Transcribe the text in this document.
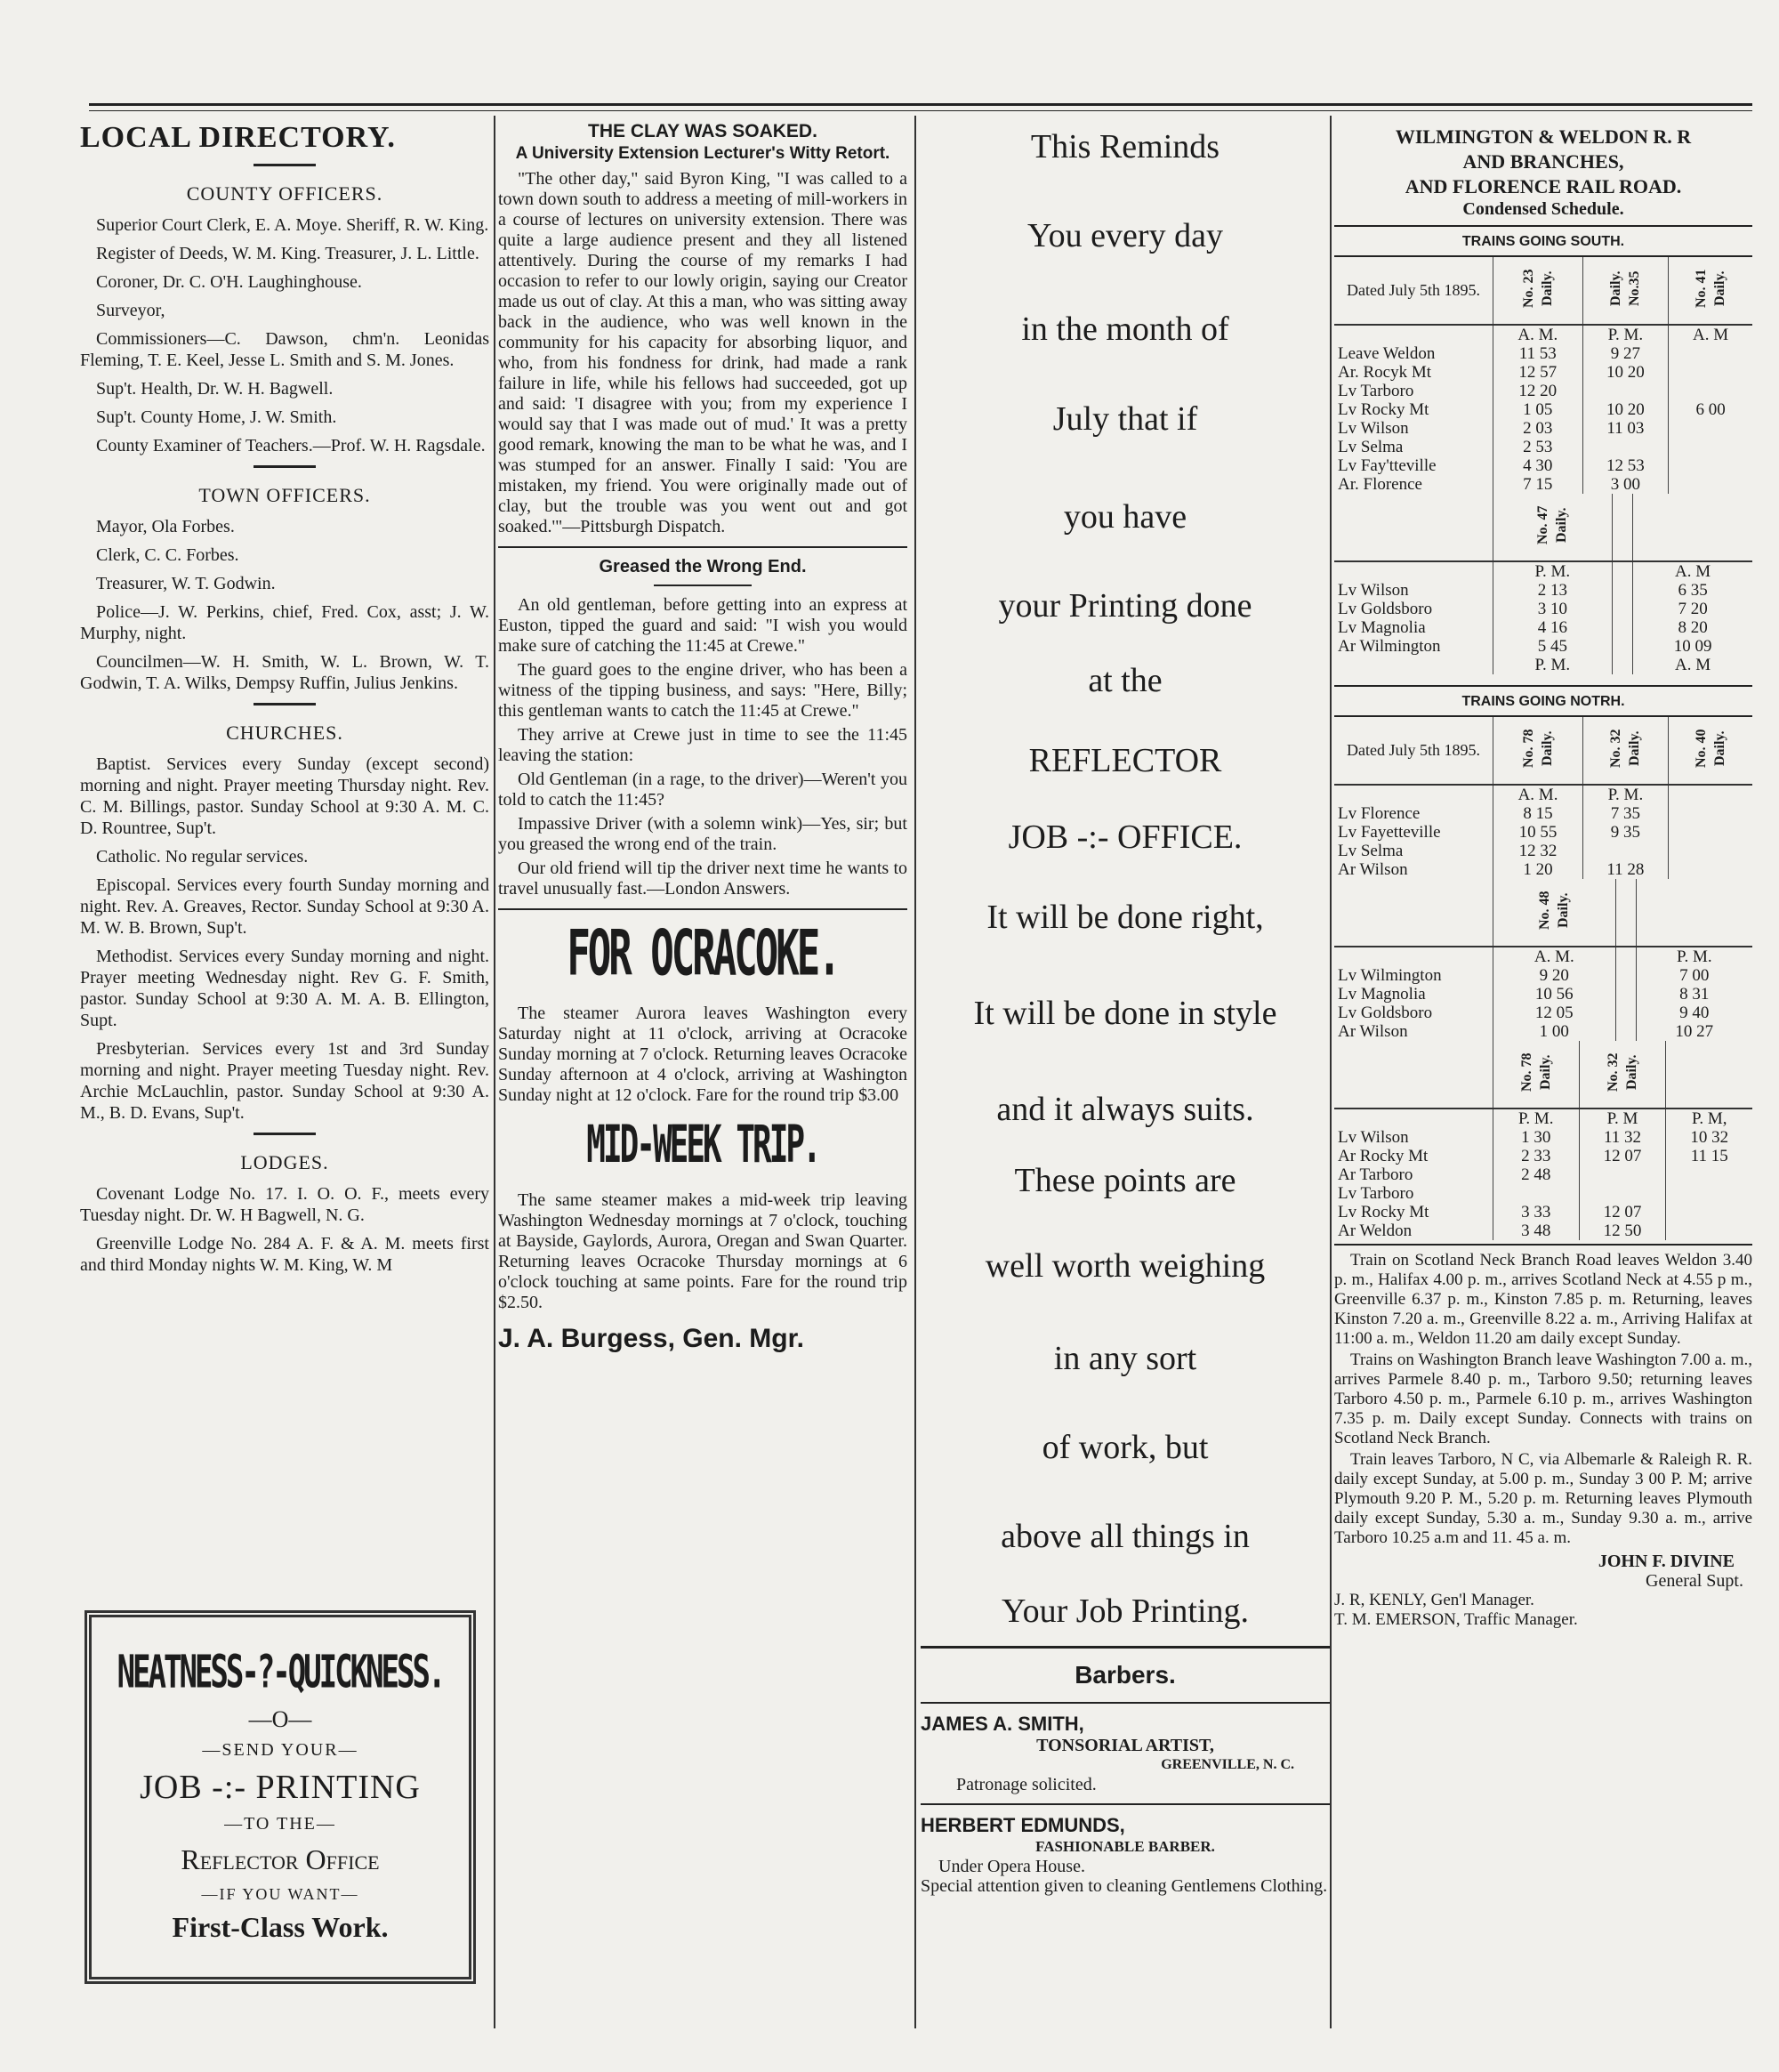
LOCAL DIRECTORY.
COUNTY OFFICERS.

Superior Court Clerk, E. A. Moye. Sheriff, R. W. King.

Register of Deeds, W. M. King. Treasurer, J. L. Little.

Coroner, Dr. C. O'H. Laughinghouse.

Surveyor,

Commissioners—C. Dawson, chm'n. Leonidas Fleming, T. E. Keel, Jesse L. Smith and S. M. Jones.

Sup't. Health, Dr. W. H. Bagwell.

Sup't. County Home, J. W. Smith.

County Examiner of Teachers.—Prof. W. H. Ragsdale.

TOWN OFFICERS.

Mayor, Ola Forbes.

Clerk, C. C. Forbes.

Treasurer, W. T. Godwin.

Police—J. W. Perkins, chief, Fred. Cox, asst; J. W. Murphy, night.

Councilmen—W. H. Smith, W. L. Brown, W. T. Godwin, T. A. Wilks, Dempsy Ruffin, Julius Jenkins.

CHURCHES.

Baptist. Services every Sunday (except second) morning and night. Prayer meeting Thursday night. Rev. C. M. Billings, pastor. Sunday School at 9:30 A. M. C. D. Rountree, Sup't.

Catholic. No regular services.

Episcopal. Services every fourth Sunday morning and night. Rev. A. Greaves, Rector. Sunday School at 9:30 A. M. W. B. Brown, Sup't.

Methodist. Services every Sunday morning and night. Prayer meeting Wednesday night. Rev G. F. Smith, pastor. Sunday School at 9:30 A. M. A. B. Ellington, Supt.

Presbyterian. Services every 1st and 3rd Sunday morning and night. Prayer meeting Tuesday night. Rev. Archie McLauchlin, pastor. Sunday School at 9:30 A. M., B. D. Evans, Sup't.

LODGES.

Covenant Lodge No. 17. I. O. O. F., meets every Tuesday night. Dr. W. H Bagwell, N. G.

Greenville Lodge No. 284 A. F. & A. M. meets first and third Monday nights W. M. King, W. M

NEATNESS-?-QUICKNESS.
—O—
—SEND YOUR—
JOB -:- PRINTING
—TO THE—
Reflector Office
—IF YOU WANT—
First-Class Work.
THE CLAY WAS SOAKED.
A University Extension Lecturer's Witty Retort.

"The other day," said Byron King, "I was called to a town down south to address a meeting of mill-workers in a course of lectures on university extension. There was quite a large audience present and they all listened attentively. During the course of my remarks I had occasion to refer to our lowly origin, saying our Creator made us out of clay. At this a man, who was sitting away back in the audience, who was well known in the community for his capacity for absorbing liquor, and who, from his fondness for drink, had made a rank failure in life, while his fellows had succeeded, got up and said: 'I disagree with you; from my experience I would say that I was made out of mud.' It was a pretty good remark, knowing the man to be what he was, and I was stumped for an answer. Finally I said: 'You are mistaken, my friend. You were originally made out of clay, but the trouble was you went out and got soaked.'"—Pittsburgh Dispatch.

Greased the Wrong End.

An old gentleman, before getting into an express at Euston, tipped the guard and said: "I wish you would make sure of catching the 11:45 at Crewe."

The guard goes to the engine driver, who has been a witness of the tipping business, and says: "Here, Billy; this gentleman wants to catch the 11:45 at Crewe."

They arrive at Crewe just in time to see the 11:45 leaving the station:

Old Gentleman (in a rage, to the driver)—Weren't you told to catch the 11:45?

Impassive Driver (with a solemn wink)—Yes, sir; but you greased the wrong end of the train.

Our old friend will tip the driver next time he wants to travel unusually fast.—London Answers.

FOR OCRACOKE.

The steamer Aurora leaves Washington every Saturday night at 11 o'clock, arriving at Ocracoke Sunday morning at 7 o'clock. Returning leaves Ocracoke Sunday afternoon at 4 o'clock, arriving at Washington Sunday night at 12 o'clock. Fare for the round trip $3.00

MID-WEEK TRIP.

The same steamer makes a mid-week trip leaving Washington Wednesday mornings at 7 o'clock, touching at Bayside, Gaylords, Aurora, Oregan and Swan Quarter. Returning leaves Ocracoke Thursday mornings at 6 o'clock touching at same points. Fare for the round trip $2.50.

J. A. Burgess, Gen. Mgr.
This Reminds
You every day
in the month of
July that if
you have
your Printing done
at the
REFLECTOR
JOB -:- OFFICE.
It will be done right,
It will be done in style
and it always suits.
These points are
well worth weighing
in any sort
of work, but
above all things in
Your Job Printing.
Barbers.
JAMES A. SMITH,
TONSORIAL ARTIST,
GREENVILLE, N. C.
Patronage solicited.
HERBERT EDMUNDS,
FASHIONABLE BARBER.
Under Opera House.
Special attention given to cleaning Gentlemens Clothing.
WILMINGTON & WELDON R. R
AND BRANCHES,
AND FLORENCE RAIL ROAD.
Condensed Schedule.
TRAINS GOING SOUTH.
Dated July 5th 1895.	No. 23 Daily.	Daily. No.35	No. 41 Daily.
	A. M.	P. M.	A. M
Leave Weldon	11 53	9 27	
Ar. Rocyk Mt	12 57	10 20	
Lv Tarboro	12 20		
Lv Rocky Mt	1 05	10 20	6 00
Lv Wilson	2 03	11 03	
Lv Selma	2 53		
Lv Fay'tteville	4 30	12 53	
Ar. Florence	7 15	3 00	
	No. 47 Daily.		
	P. M.		A. M
Lv Wilson	2 13		6 35
Lv Goldsboro	3 10		7 20
Lv Magnolia	4 16		8 20
Ar Wilmington	5 45		10 09
	P. M.		A. M
TRAINS GOING NOTRH.
Dated July 5th 1895.	No. 78 Daily.	No. 32 Daily.	No. 40 Daily.
	A. M.	P. M.	
Lv Florence	8 15	7 35	
Lv Fayetteville	10 55	9 35	
Lv Selma	12 32		
Ar Wilson	1 20	11 28	
	No. 48 Daily.		
	A. M.		P. M.
Lv Wilmington	9 20		7 00
Lv Magnolia	10 56		8 31
Lv Goldsboro	12 05		9 40
Ar Wilson	1 00		10 27
	No. 78 Daily.	No. 32 Daily.	
	P. M.	P. M	P. M,
Lv Wilson	1 30	11 32	10 32
Ar Rocky Mt	2 33	12 07	11 15
Ar Tarboro	2 48		
Lv Tarboro			
Lv Rocky Mt	3 33	12 07	
Ar Weldon	3 48	12 50	

Train on Scotland Neck Branch Road leaves Weldon 3.40 p. m., Halifax 4.00 p. m., arrives Scotland Neck at 4.55 p m., Greenville 6.37 p. m., Kinston 7.85 p. m. Returning, leaves Kinston 7.20 a. m., Greenville 8.22 a. m., Arriving Halifax at 11:00 a. m., Weldon 11.20 am daily except Sunday.

Trains on Washington Branch leave Washington 7.00 a. m., arrives Parmele 8.40 p. m., Tarboro 9.50; returning leaves Tarboro 4.50 p. m., Parmele 6.10 p. m., arrives Washington 7.35 p. m. Daily except Sunday. Connects with trains on Scotland Neck Branch.

Train leaves Tarboro, N C, via Albemarle & Raleigh R. R. daily except Sunday, at 5.00 p. m., Sunday 3 00 P. M; arrive Plymouth 9.20 P. M., 5.20 p. m. Returning leaves Plymouth daily except Sunday, 5.30 a. m., Sunday 9.30 a. m., arrive Tarboro 10.25 a.m and 11. 45 a. m.

JOHN F. DIVINE
General Supt.
J. R, KENLY, Gen'l Manager.
T. M. EMERSON, Traffic Manager.
